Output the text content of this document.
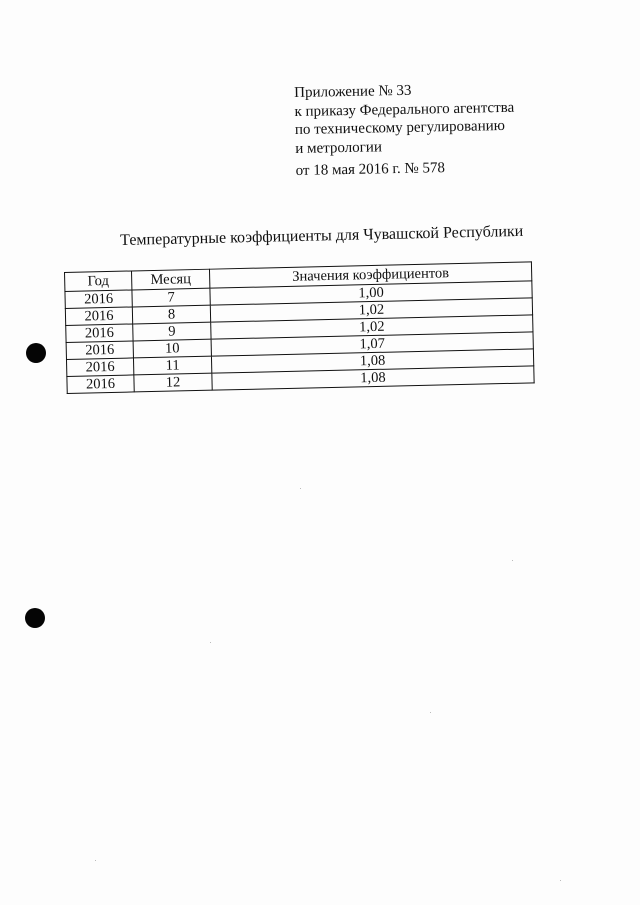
Приложение № 33
к приказу Федерального агентства
по техническому регулированию
и метрологии
от 18 мая 2016 г. № 578
Температурные коэффициенты для Чувашской Республики
Год	Месяц	Значения коэффициентов
2016	7	1,00
2016	8	1,02
2016	9	1,02
2016	10	1,07
2016	11	1,08
2016	12	1,08
